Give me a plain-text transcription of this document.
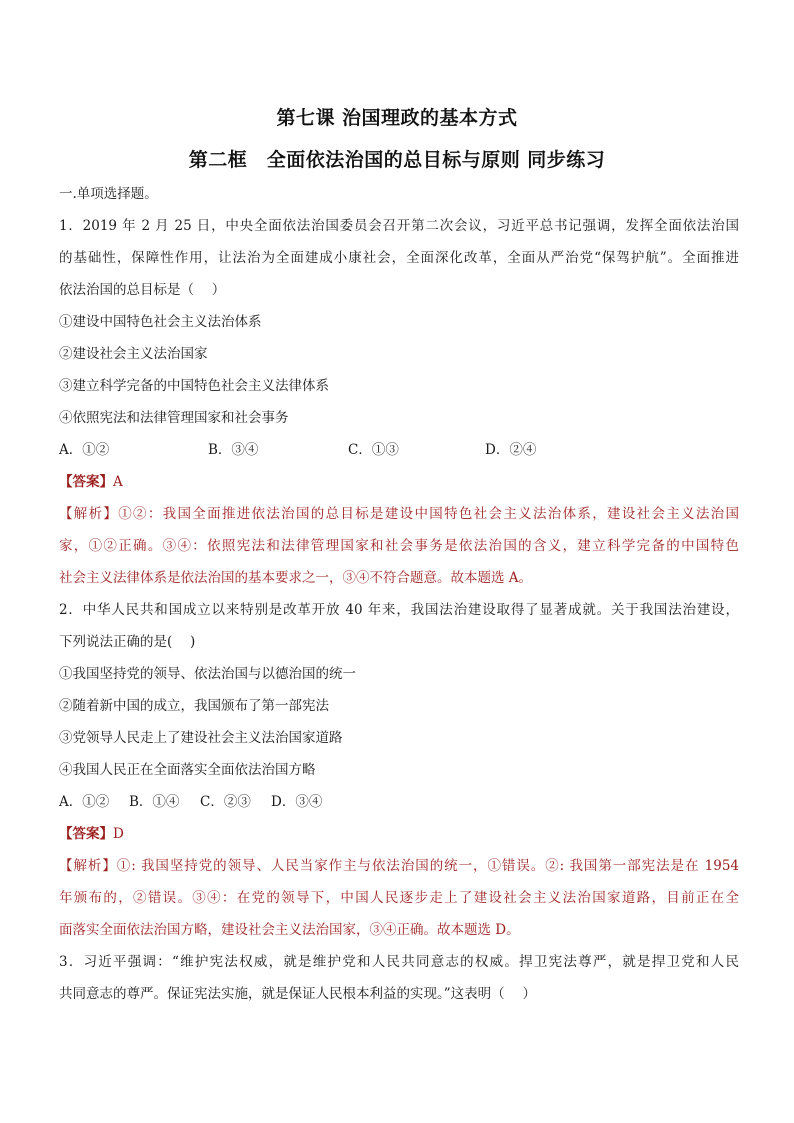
第七课 治国理政的基本方式
第二框　全面依法治国的总目标与原则 同步练习
一.单项选择题。
1．2019 年 2 月 25 日，中央全面依法治国委员会召开第二次会议，习近平总书记强调，发挥全面依法治国
的基础性，保障性作用，让法治为全面建成小康社会，全面深化改革，全面从严治党“保驾护航”。全面推进
依法治国的总目标是（　 ）
①建设中国特色社会主义法治体系
②建设社会主义法治国家
③建立科学完备的中国特色社会主义法律体系
④依照宪法和法律管理国家和社会事务
A．①②	B．③④	C．①③	D．②④
【答案】A
【解析】①②：我国全面推进依法治国的总目标是建设中国特色社会主义法治体系，建设社会主义法治国
家，①②正确。③④：依照宪法和法律管理国家和社会事务是依法治国的含义，建立科学完备的中国特色
社会主义法律体系是依法治国的基本要求之一，③④不符合题意。故本题选 A。
2．中华人民共和国成立以来特别是改革开放 40 年来，我国法治建设取得了显著成就。关于我国法治建设，
下列说法正确的是(　 )
①我国坚持党的领导、依法治国与以德治国的统一
②随着新中国的成立，我国颁布了第一部宪法
③党领导人民走上了建设社会主义法治国家道路
④我国人民正在全面落实全面依法治国方略
A．①② B．①④ C．②③ D．③④
【答案】D
【解析】①: 我国坚持党的领导、人民当家作主与依法治国的统一，①错误。②: 我国第一部宪法是在 1954
年颁布的，②错误。③④：在党的领导下，中国人民逐步走上了建设社会主义法治国家道路，目前正在全
面落实全面依法治国方略，建设社会主义法治国家，③④正确。故本题选 D。
3．习近平强调：“维护宪法权威，就是维护党和人民共同意志的权威。捍卫宪法尊严，就是捍卫党和人民
共同意志的尊严。保证宪法实施，就是保证人民根本利益的实现。”这表明（　 ）
